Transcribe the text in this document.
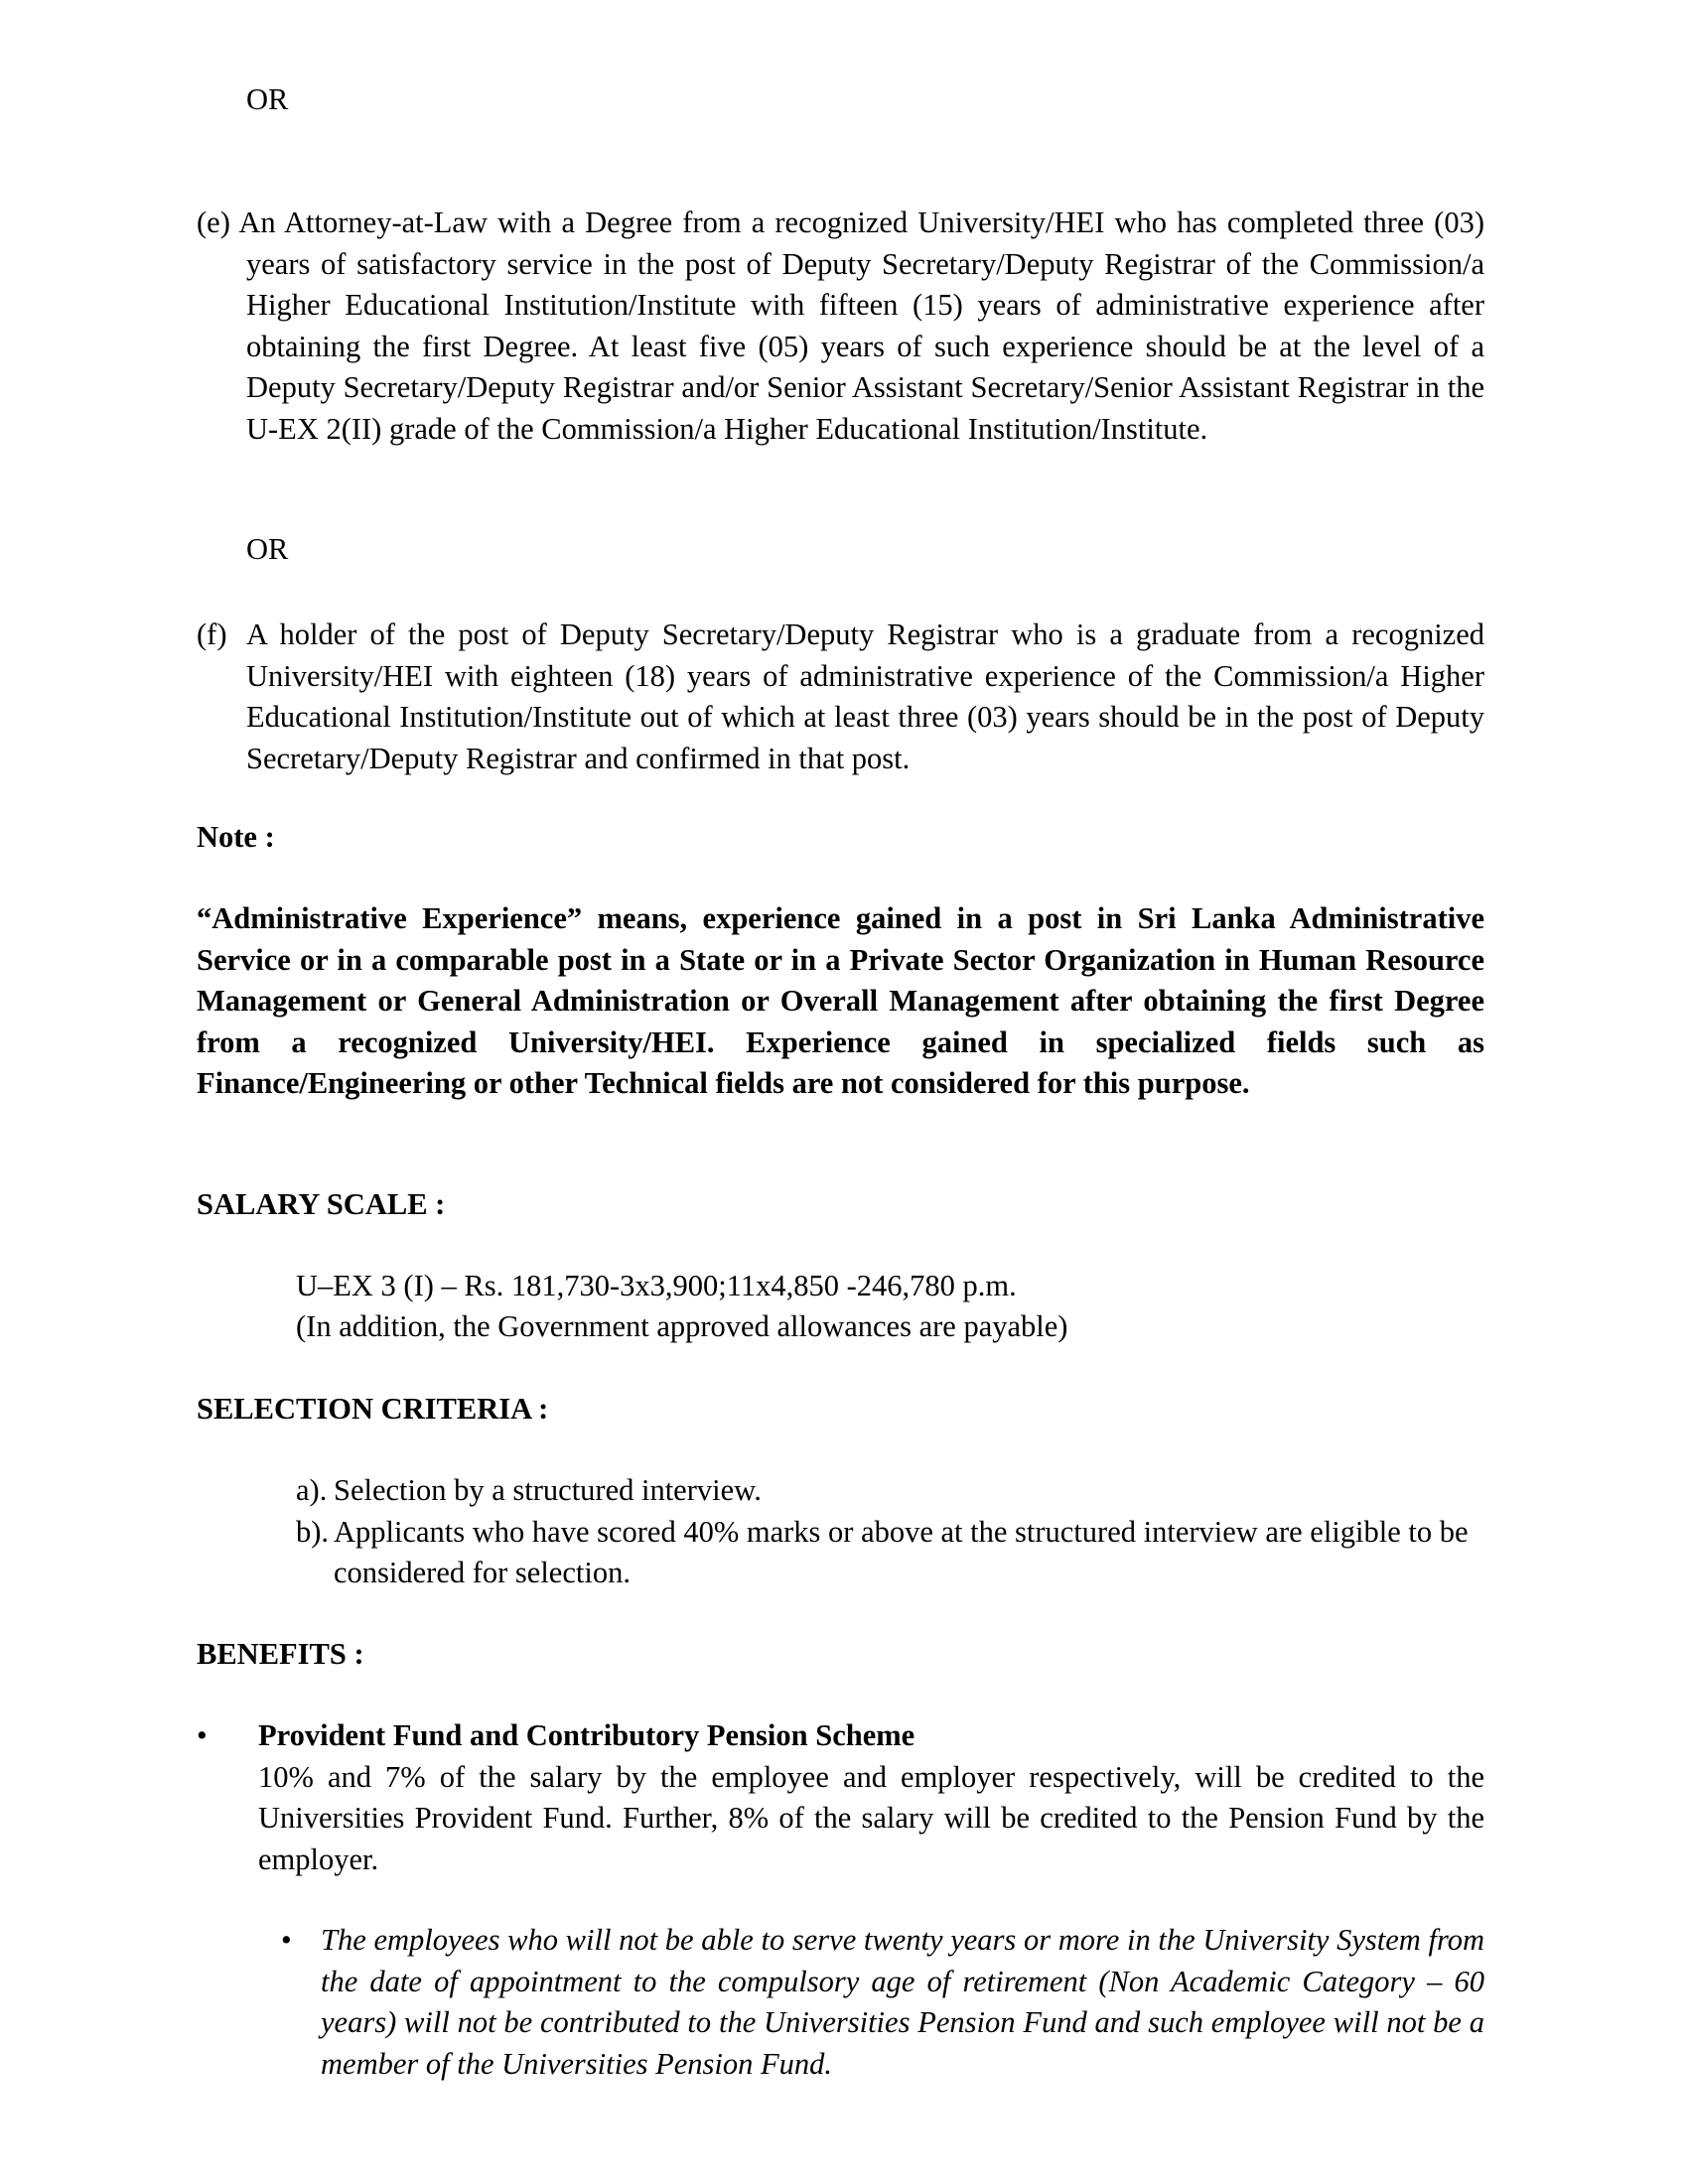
OR

(e) An Attorney-at-Law with a Degree from a recognized University/HEI who has completed three (03) years of satisfactory service in the post of Deputy Secretary/Deputy Registrar of the Commission/a Higher Educational Institution/Institute with fifteen (15) years of administrative experience after obtaining the first Degree. At least five (05) years of such experience should be at the level of a Deputy Secretary/Deputy Registrar and/or Senior Assistant Secretary/Senior Assistant Registrar in the U-EX 2(II) grade of the Commission/a Higher Educational Institution/Institute.

OR

(f) A holder of the post of Deputy Secretary/Deputy Registrar who is a graduate from a recognized University/HEI with eighteen (18) years of administrative experience of the Commission/a Higher Educational Institution/Institute out of which at least three (03) years should be in the post of Deputy Secretary/Deputy Registrar and confirmed in that post.

Note :

“Administrative Experience” means, experience gained in a post in Sri Lanka Administrative Service or in a comparable post in a State or in a Private Sector Organization in Human Resource Management or General Administration or Overall Management after obtaining the first Degree from a recognized University/HEI. Experience gained in specialized fields such as Finance/Engineering or other Technical fields are not considered for this purpose.

SALARY SCALE :

U–EX 3 (I) – Rs. 181,730-3x3,900;11x4,850 -246,780 p.m.

(In addition, the Government approved allowances are payable)

SELECTION CRITERIA :

a). Selection by a structured interview.
b). Applicants who have scored 40% marks or above at the structured interview are eligible to be considered for selection.

BENEFITS :

•	Provident Fund and Contributory Pension Scheme
10% and 7% of the salary by the employee and employer respectively, will be credited to the Universities Provident Fund. Further, 8% of the salary will be credited to the Pension Fund by the employer.
• The employees who will not be able to serve twenty years or more in the University System from the date of appointment to the compulsory age of retirement (Non Academic Category – 60 years) will not be contributed to the Universities Pension Fund and such employee will not be a member of the Universities Pension Fund.
